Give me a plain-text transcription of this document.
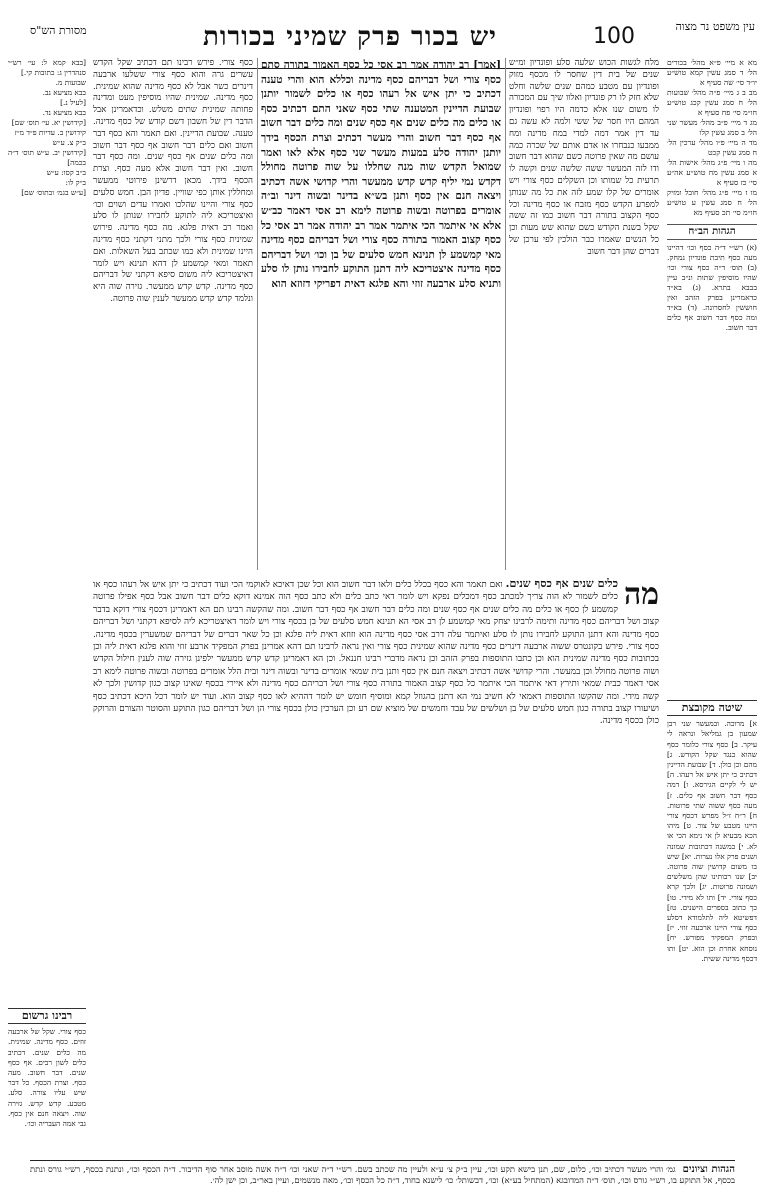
עין משפט נר מצוה
100
יש בכור פרק שמיני בכורות
מסורת הש"ס

מא א מיי׳ פ״א מהל׳ בכורים הל׳ ד סמג עשין קמא טוש״ע יו״ד סי׳ שה סעיף א

מב ב ג מיי׳ פ״ה מהל׳ שבועות הל׳ ח סמג עשין קכג טוש״ע חו״מ סי׳ פח סעיף א

מג ד מיי׳ פ״ב מהל׳ מעשר שני הל׳ ב סמג עשין קלו

מד ה מיי׳ פ״ו מהל׳ ערכין הל׳ ח סמג עשין קכט

מה ו מיי׳ פ״ג מהל׳ אישות הל׳ א סמג עשין מח טוש״ע אה״ע סי׳ כז סעיף א

מו ז מיי׳ פ״ג מהל׳ חובל ומזיק הל׳ ח סמג עשין ע טוש״ע חו״מ סי׳ תכ סעיף מא

הגהות הב״ח

(א) רש״י ד״ה כסף וכו׳ דהיינו מעה כסף תיבת פונדיון נמחק. (ב) תוס׳ ד״ה כסף צורי וכו׳ שהיו מוסיפין שתות ונ״ב עיין בבבא בתרא. (ג) בא״ד כדאמרינן בפרק הזהב ואין חוששין לחסרונה. (ד) בא״ד ומה כסף דבר חשוב אף כלים דבר חשוב.

מלח לגשות הכוש שלעה סלע ופונדיון ומ״ש שנים של בית דין שחסר לו מכסף מזוק ופונדיון עם מטבע כמהם שנים שלשה וחלט שלא חזק לו רק פונדיון ואלוו שיך עם המכורה לו משום שנו אלא כדמה היו רפוי ופונדיון המהם היו חסר של ששי ולמה לא עשה גם עד דין אמר דמה למדי במח מדינה ומח ממבעו כנבחרו או אדם אותם של שכרה כמה עושם מה שאין פרוטה כשם שהוא דבר חשוב ודו לזה המעשר ששה שלשה שנים וקשה לו תרעית כל שמותו וכן השקלים כסף צורי ויש אומרים של קלו שמע לזה את כל מה שנותן למפרע הקדש כסף מזבח או כסף מדינה וכל כסף הקצוב בתורה דבר חשוב כמו זה ששה שקל בשנת הקודש כשם שהוא שש מעות וכן כל הנשים שאמרו כבר הולכין לפי ערכן של דברים שהן דבר חשוב
[אמר] רב יהודה אמר רב אסי כל כסף האמור בתורה סתם כסף צורי ושל דבריהם כסף מדינה וכללא הוא והרי טענה דכתיב כי יתן איש אל רעהו כסף או כלים לשמור יותנן שבועת הדיינין המטענה שתי כסף שאני התם דכתיב כסף או כלים מה כלים שנים אף כסף שנים ומה כלים דבר חשוב אף כסף דבר חשוב והרי מעשר דכתיב וצרת הכסף בידך יותנן יהודה סלע במעות מעשר שני כסף אלא לאו ואמר שמואל הקדש שוה מנה שחללו על שוה פרוטה מחולל דקדש נמי יליף קדש קדש ממעשר והרי קדושי אשה דכתיב ויצאה חנם אין כסף ותנן בש״א בדינר ובשוה דינר וב״ה אומרים בפרוטה ובשוה פרוטה לימא רב אסי דאמר כב״ש אלא אי איתמר הכי איתמר אמר רב יהודה אמר רב אסי כל כסף קצוב האמור בתורה כסף צורי ושל דבריהם כסף מדינה מאי קמשמע לן תנינא חמש סלעים של בן וכו׳ ושל דבריהם כסף מדינה איצטריכא ליה דתנן התוקע לחבירו נותן לו סלע ותניא סלע ארבעה זוזי והא פלגא דאית דפריקי דזוזא הוא
כסף צורי. פירש רבינו תם דכתיב שקל הקדש עשרים גרה והוא כסף צורי ששלעו ארבעה דינרים כשר אבל לא כסף מדינה שהוא שמינית. כסף מדינה. שמינית שהיו מוסיפין מעט ומדינה פחותה שמינית שתים משלש. וכדאמרינן אבל הדבר דין של חשבון דשם קודש של כסף מדינה. טענה. שבועת הדיינין. ואם תאמר והא כסף דבר חשוב ואם כלים דבר חשוב אף כסף דבר חשוב ומה כלים שנים אף כסף שנים. ומה כסף דבר חשוב. ואין דבר חשוב אלא מעה כסף. וצרת הכסף בידך. מכאן דרשינן פירוטי ממעשר ומחללין אותן כפי שוויין. פדיון הבן. חמש סלעים כסף צורי והיינו שהלכו ואמרו עדים ושוים וכו׳ ואיצטריכא ליה לתוקע לחבירו שנותן לו סלע ואמר רב דאית פלגא. מה כסף מדינה. פירוש שמינית כסף צורי ולכך מתני דקתני כסף מדינה היינו שמינית ולא כמו שכתב בעל השאלות. ואם תאמר ומאי קמשמע לן דהא תנינא ויש לומר דאיצטריכא ליה משום סיפא דקתני של דבריהם כסף מדינה. קדש קדש ממעשר. גזירה שוה היא ונלמד קדש קדש ממעשר לענין שוה פרוטה.

[בבא קמא ל: עי׳ רש״י סנהדרין ג: כתובות קי.]

שבועות מ.

בבא מציעא נב.

[לעיל נ.]

בבא מציעא נד.

[קידושין יא. עי׳ תוס׳ שם]

קידושין ב. עדיות פ״ד מ״ז

ב״ק צ. ע״ש

[קידושין יב. ע״ש תוס׳ ד״ה בכמה]

ב״ב קסו: ע״ש

ב״ק לו:

[ע״ש בגמ׳ ובתוס׳ שם]

מה
כלים שנים אף כסף שנים. ואם תאמר והא כסף בכלל כלים ולאו דבר חשוב הוא וכל שכן דאיכא לאוקמי הכי ועוד דכתיב כי יתן איש אל רעהו כסף או כלים לשמור לא הוה צריך למכתב כסף דמכלים נפקא ויש לומר דאי כתב כלים ולא כתב כסף הוה אמינא דוקא כלים דבר חשוב אבל כסף אפילו פרוטה קמשמע לן כסף או כלים מה כלים שנים אף כסף שנים ומה כלים דבר חשוב אף כסף דבר חשוב. ומה שהקשה רבינו תם הא דאמרינן דכסף צורי דוקא בדבר קצוב ושל דבריהם כסף מדינה ותימה לרבינו יצחק מאי קמשמע לן רב אסי הא תנינא חמש סלעים של בן בכסף צורי ויש לומר דאיצטריכא ליה לסיפא דקתני ושל דבריהם כסף מדינה והא דתנן התוקע לחבירו נותן לו סלע ואיתמר עלה דרב אסי כסף מדינה הוא וזוזא דאית ליה פלגא וכן כל שאר דברים של דבריהם שמשערין בכסף מדינה. כסף צורי. פירש בקונטרס ששוה ארבעה דינרים כסף מדינה שהוא שמינית כסף צורי ואין נראה לרבינו תם דהא אמרינן בפרק המפקיד ארבע זוזי והוא פלגא דאית ליה וכן בכתובות כסף מדינה שמינית הוא וכן כתבו התוספות בפרק הזהב וכן נראה מדברי רבינו חננאל. וכן הא דאמרינן קדש קדש ממעשר ילפינן גזירה שוה לענין חילול הקדש ושוה פרוטה מחולל וכן במעשר. והרי קדושי אשה דכתיב ויצאה חנם אין כסף ותנן בית שמאי אומרים בדינר ובשוה דינר ובית הלל אומרים בפרוטה ובשוה פרוטה לימא רב אסי דאמר כבית שמאי ותירץ דאי איתמר הכי איתמר כל כסף קצוב האמור בתורה כסף צורי ושל דבריהם כסף מדינה ולא איירי בכסף שאינו קצוב כגון קדושין ולכך לא קשה מידי. ומה שהקשו התוספות דאמאי לא חשיב נמי הא דתנן בהגוזל קמא ומוסיף חומש יש לומר דההיא לאו כסף קצוב הוא. ועוד יש לומר דכל היכא דכתיב כסף ושיעורו קצוב בתורה כגון חמש סלעים של בן ושלשים של עבד וחמשים של מוציא שם רע וכן הערכין כולן בכסף צורי הן ושל דבריהם כגון התוקע והסוטר והצורם והרוקק כולן בכסף מדינה.
שיטה מקובצת
א] מרוכה. ובמעשר שני רבן שמעון בן גמליאל ונראה לי עיקר. ב] כסף צורי כלומר כסף שהוא כנגד שקל הקודש. ג] מהם וכן כולן. ד] שבועת הדיינין דכתיב כי יתן איש אל רעהו. ה] יש לי לקיים הגירסא. ו] דמה כסף דבר חשוב אף כלים. ז] מעה כסף ששוה שתי פרוטות. ח] ר״ח ז״ל מפרש דכסף צורי היינו מטבע של צור. ט] מיהו הכא מבעיא לן אי נימא הכי או לא. י] במשנה דכתובות שמונה ושנים פרק אלו נערות. יא] שיש בו משום קדושין שוה פרוטה. יב] שנו רבותינו שהן משלשים ושמונה פרוטות. יג] ולכך קרא כסף צורי. יד] ותו לא מידי. טו] כך כתוב בספרים הישנים. טז] דפשיטא ליה לתלמודא דסלע כסף צורי היינו ארבעה זוזי. יז] ובפרק המפקיד מפורש. יח] נוסחא אחרת וכן הוא. יט] ותו דכסף מדינה ששית.
רבינו גרשום
כסף צורי. שקל של ארבעה זוזים. כסף מדינה. שמינית. מה כלים שנים. דכתיב כלים לשון רבים. אף כסף שנים. דבר חשוב. מעה כסף. וצרת הכסף. כל דבר שיש עליו צורה. סלע. מטבע. קדש קדש. גזירה שוה. ויצאה חנם אין כסף. גבי אמה העבריה וכו׳.
הגהות וציונים גמ׳ והרי מעשר דכתיב וכו׳, כלום, שם, תנן בישא תקע וכו׳, עיין ב״ק צ׳ ע״א ולעיין מה שכתב בשם. רש״י ד״ה שאני וכו׳ ד״ה אשה מוסב אחר סוף הדיבור. ד״ה הכסף וכו׳, ונתנת בכסף, רש״י גורס ונתת בכסף, אל התוקע בו, רש״י גורס וכו׳, תוס׳ ד״ה המדובגא (המתחיל בע״א) וכו׳, דבשותל׳ כו׳ לישנא בחוד, ד״ה כל הכסף וכו׳, מאה מנשמים, ועיין באר״ב, וכן ישן לה׳.
